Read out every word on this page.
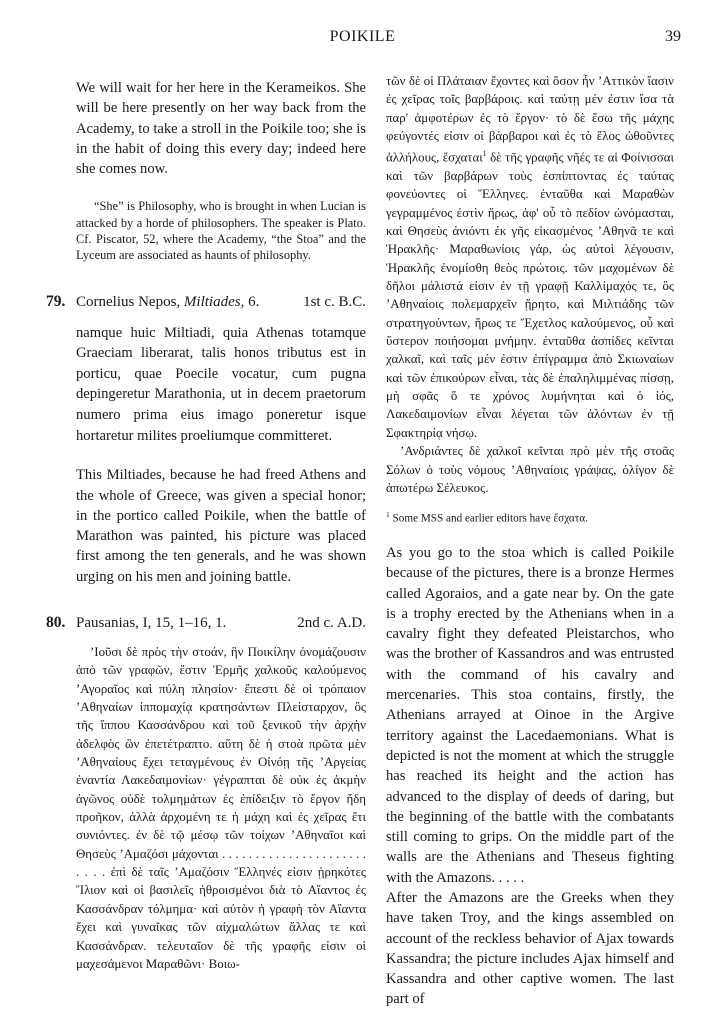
POIKILE	39

We will wait for her here in the Kerameikos. She will be here presently on her way back from the Academy, to take a stroll in the Poikile too; she is in the habit of doing this every day; indeed here she comes now.

“She” is Philosophy, who is brought in when Lucian is attacked by a horde of philosophers. The speaker is Plato. Cf. Piscator, 52, where the Academy, “the Stoa” and the Lyceum are associated as haunts of philosophy.

79. Cornelius Nepos, Miltiades, 6.	1st c. B.C.

namque huic Miltiadi, quia Athenas totamque Graeciam liberarat, talis honos tributus est in porticu, quae Poecile vocatur, cum pugna depingeretur Marathonia, ut in decem praetorum numero prima eius imago poneretur isque hortaretur milites proeliumque committeret.

This Miltiades, because he had freed Athens and the whole of Greece, was given a special honor; in the portico called Poikile, when the battle of Marathon was painted, his picture was placed first among the ten generals, and he was shown urging on his men and joining battle.

80. Pausanias, I, 15, 1–16, 1.	2nd c. A.D.

ʼΙοῦσι δὲ πρὸς τὴν στοάν, ἣν Ποικίλην ὀνομάζουσιν ἀπὸ τῶν γραφῶν, ἔστιν Ἑρμῆς χαλκοῦς καλούμενος ʼΑγοραῖος καὶ πύλη πλησίον· ἔπεστι δὲ οἱ τρόπαιον ʼΑθηναίων ἱππομαχίᾳ κρατησάντων Πλείσταρχον, ὃς τῆς ἵππου Κασσάνδρου καὶ τοῦ ξενικοῦ τὴν ἀρχὴν ἀδελφὸς ὢν ἐπετέτραπτο. αὕτη δὲ ἡ στοὰ πρῶτα μὲν ʼΑθηναίους ἔχει τεταγμένους ἐν Οἰνόῃ τῆς ʼΑργείας ἐναντία Λακεδαιμονίων· γέγραπται δὲ οὐκ ἐς ἀκμὴν ἀγῶνος οὐδὲ τολμημάτων ἐς ἐπίδειξιν τὸ ἔργον ἤδη προῆκον, ἀλλὰ ἀρχομένη τε ἡ μάχη καὶ ἐς χεῖρας ἔτι συνιόντες. ἐν δὲ τῷ μέσῳ τῶν τοίχων ʼΑθηναῖοι καὶ Θησεὺς ʼΑμαζόσι μάχονται . . . . . . . . . . . . . . . . . . . . . . . . . . ἐπὶ δὲ ταῖς ʼΑμαζόσιν Ἕλληνές εἰσιν ᾑρηκότες Ἴλιον καὶ οἱ βασιλεῖς ἠθροισμένοι διὰ τὸ Αἴαντος ἐς Κασσάνδραν τόλμημα· καὶ αὐτὸν ἡ γραφὴ τὸν Αἴαντα ἔχει καὶ γυναῖκας τῶν αἰχμαλώτων ἄλλας τε καὶ Κασσάνδραν. τελευταῖον δὲ τῆς γραφῆς εἰσιν οἱ μαχεσάμενοι Μαραθῶνι· Βοιω-

τῶν δὲ οἱ Πλάταιαν ἔχοντες καὶ ὅσον ἦν ʼΑττικὸν ἴασιν ἐς χεῖρας τοῖς βαρβάροις. καὶ ταύτῃ μέν ἐστιν ἴσα τὰ παρ' ἀμφοτέρων ἐς τὸ ἔργον· τὸ δὲ ἔσω τῆς μάχης φεύγοντές εἰσιν οἱ βάρβαροι καὶ ἐς τὸ ἕλος ὠθοῦντες ἀλλήλους, ἔσχαται$^1$ δὲ τῆς γραφῆς νῆές τε αἱ Φοίνισσαι καὶ τῶν βαρβάρων τοὺς ἐσπίπτοντας ἐς ταύτας φονεύοντες οἱ Ἕλληνες. ἐνταῦθα καὶ Μαραθὼν γεγραμμένος ἐστὶν ἥρως, ἀφ' οὗ τὸ πεδίον ὠνόμασται, καὶ Θησεὺς ἀνιόντι ἐκ γῆς εἰκασμένος ʼΑθηνᾶ τε καὶ Ἡρακλῆς· Μαραθωνίοις γάρ, ὡς αὐτοὶ λέγουσιν, Ἡρακλῆς ἐνομίσθη θεὸς πρώτοις. τῶν μαχομένων δὲ δῆλοι μάλιστά εἰσιν ἐν τῇ γραφῇ Καλλίμαχός τε, ὃς ʼΑθηναίοις πολεμαρχεῖν ᾕρητο, καὶ Μιλτιάδης τῶν στρατηγούντων, ἥρως τε Ἔχετλος καλούμενος, οὗ καὶ ὕστερον ποιήσομαι μνήμην. ἐνταῦθα ἀσπίδες κεῖνται χαλκαῖ, καὶ ταῖς μέν ἐστιν ἐπίγραμμα ἀπὸ Σκιωναίων καὶ τῶν ἐπικούρων εἶναι, τὰς δὲ ἐπαληλιμμένας πίσσῃ, μὴ σφᾶς ὅ τε χρόνος λυμήνηται καὶ ὁ ἰός, Λακεδαιμονίων εἶναι λέγεται τῶν ἁλόντων ἐν τῇ Σφακτηρίᾳ νήσῳ.

ʼΑνδριάντες δὲ χαλκοῖ κεῖνται πρὸ μὲν τῆς στοᾶς Σόλων ὁ τοὺς νόμους ʼΑθηναίοις γράψας, ὀλίγον δὲ ἀπωτέρω Σέλευκος.

$^1$ Some MSS and earlier editors have ἔσχατα.

As you go to the stoa which is called Poikile because of the pictures, there is a bronze Hermes called Agoraios, and a gate near by. On the gate is a trophy erected by the Athenians when in a cavalry fight they defeated Pleistarchos, who was the brother of Kassandros and was entrusted with the command of his cavalry and mercenaries. This stoa contains, firstly, the Athenians arrayed at Oinoe in the Argive territory against the Lacedaemonians. What is depicted is not the moment at which the struggle has reached its height and the action has advanced to the display of deeds of daring, but the beginning of the battle with the combatants still coming to grips. On the middle part of the walls are the Athenians and Theseus fighting with the Amazons. . . . .

After the Amazons are the Greeks when they have taken Troy, and the kings assembled on account of the reckless behavior of Ajax towards Kassandra; the picture includes Ajax himself and Kassandra and other captive women. The last part of
